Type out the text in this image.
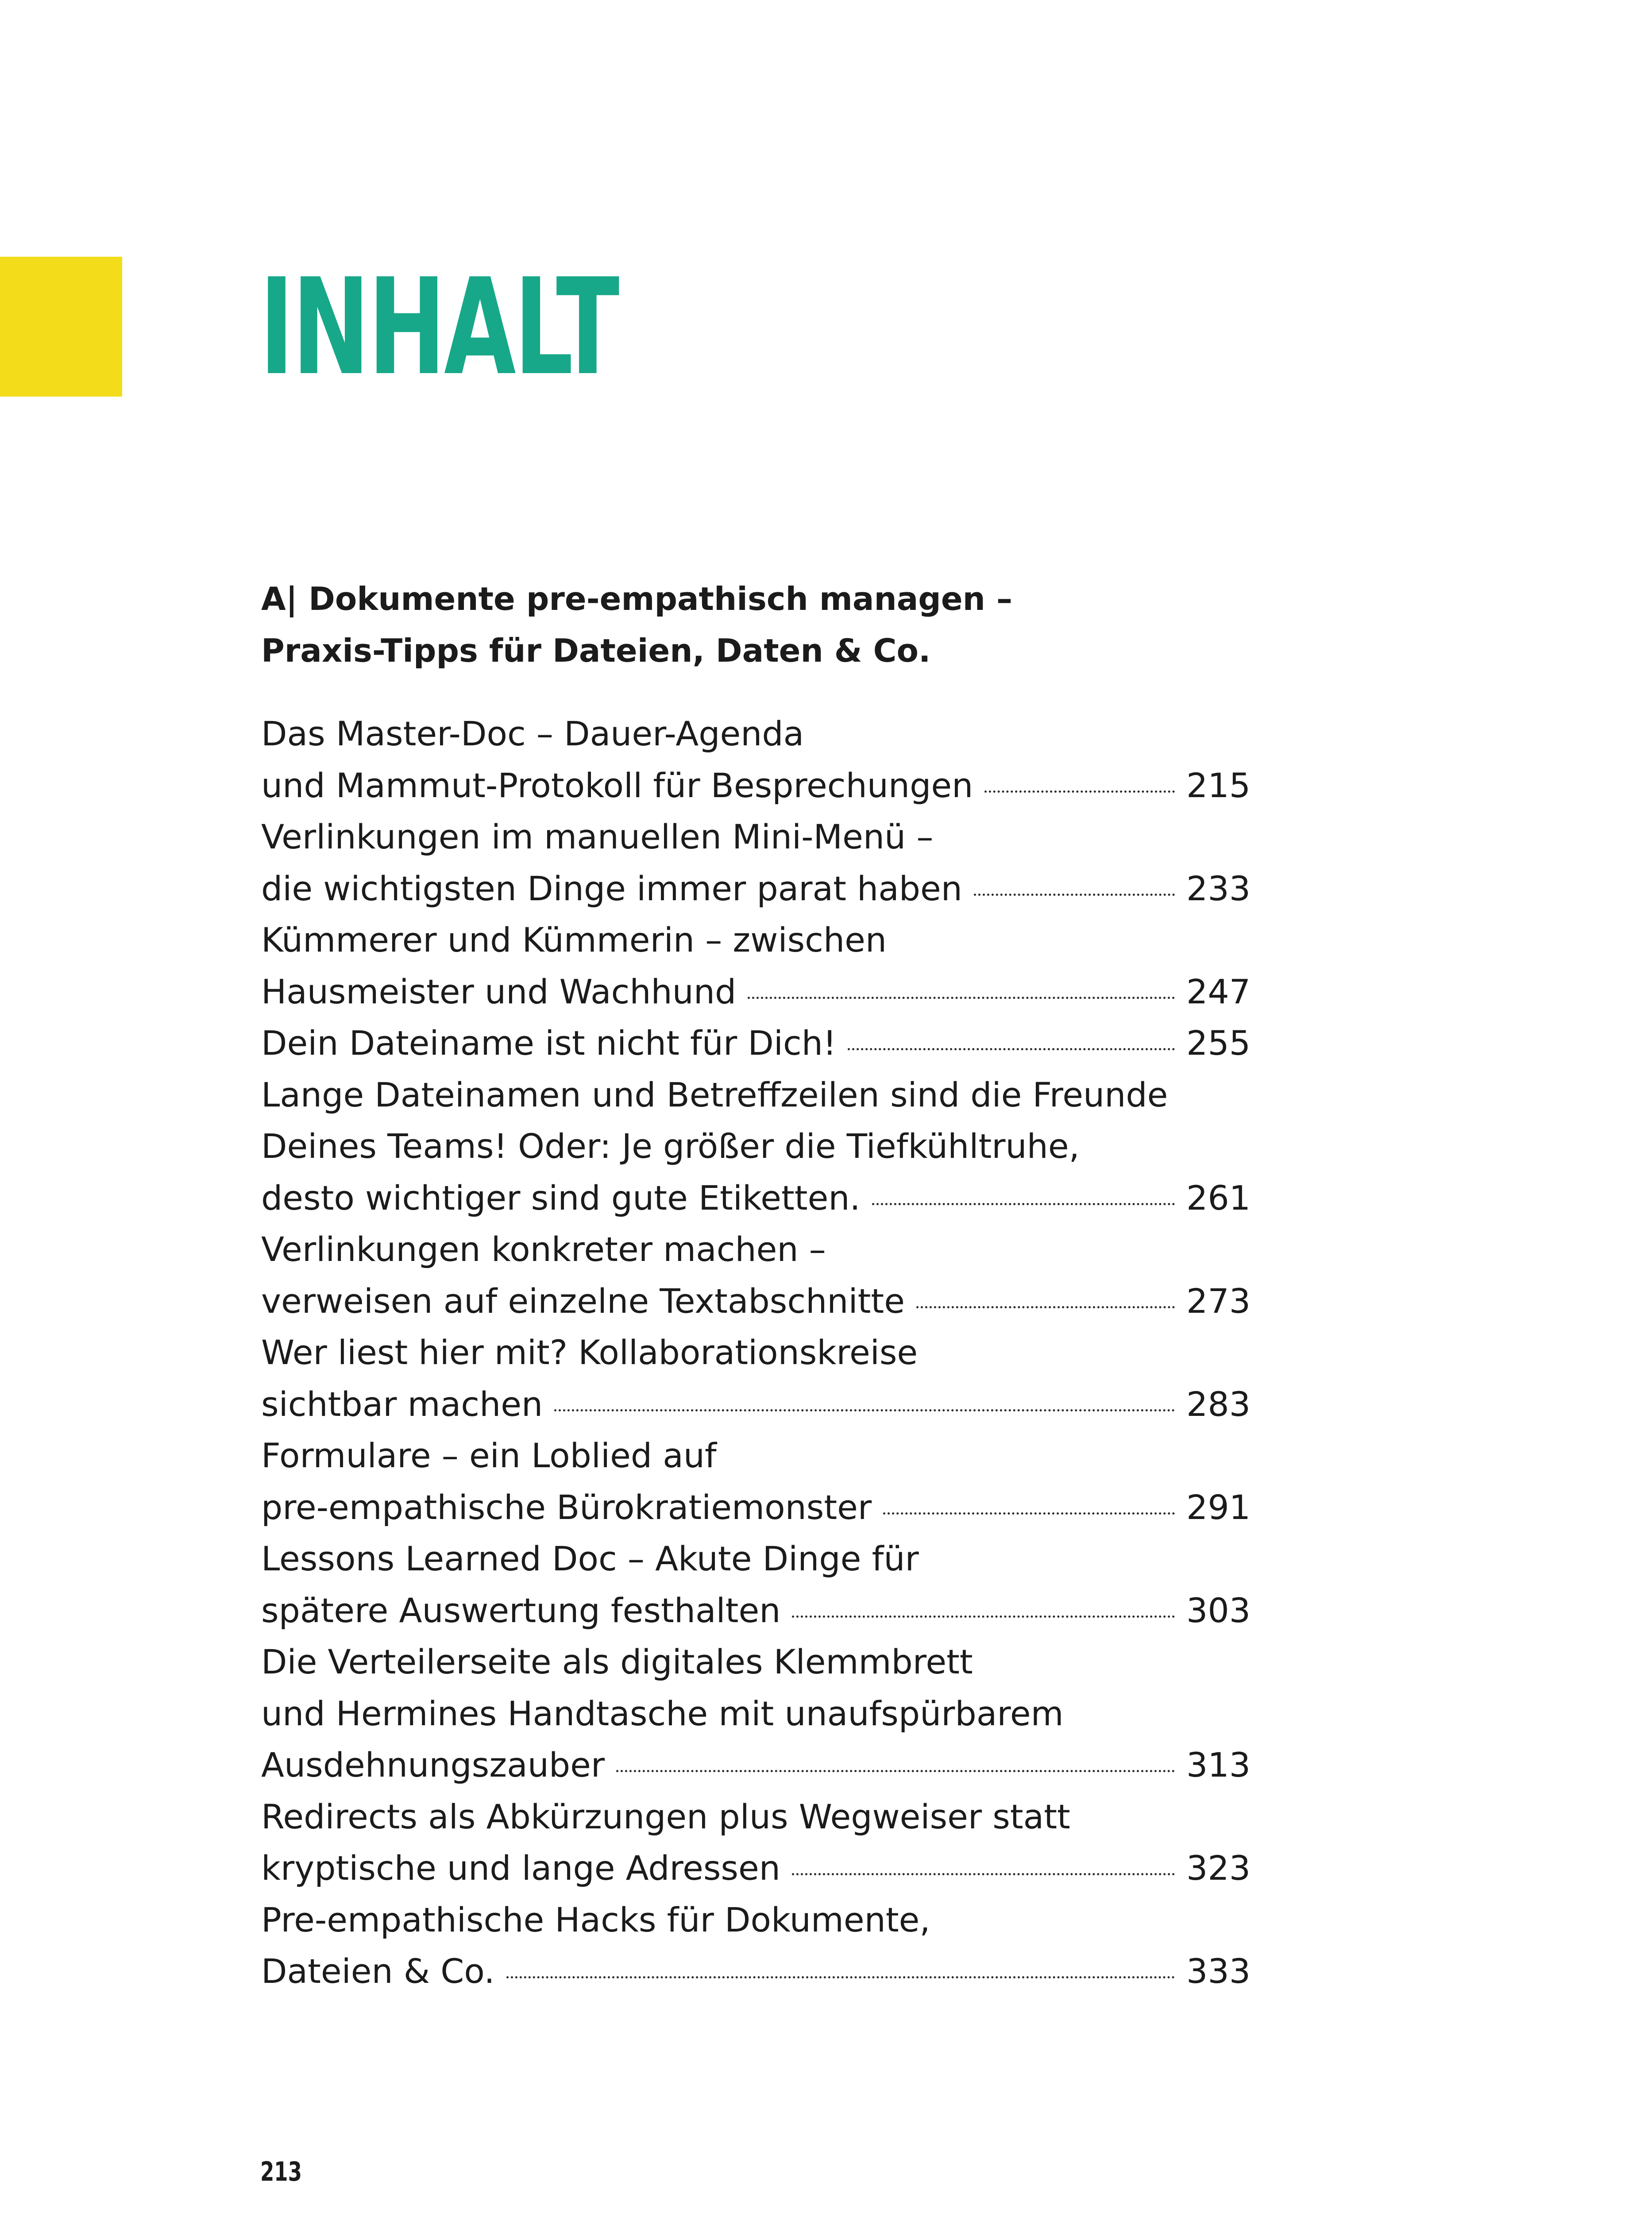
INHALT
A| Dokumente pre-empathisch managen –
Praxis-Tipps für Dateien, Daten & Co.
Das Master-Doc – Dauer-Agenda
und Mammut-Protokoll für Besprechungen	215
Verlinkungen im manuellen Mini-Menü –
die wichtigsten Dinge immer parat haben	233
Kümmerer und Kümmerin – zwischen
Hausmeister und Wachhund	247
Dein Dateiname ist nicht für Dich!	255
Lange Dateinamen und Betreffzeilen sind die Freunde
Deines Teams! Oder: Je größer die Tiefkühltruhe,
desto wichtiger sind gute Etiketten.	261
Verlinkungen konkreter machen –
verweisen auf einzelne Textabschnitte	273
Wer liest hier mit? Kollaborationskreise
sichtbar machen	283
Formulare – ein Loblied auf
pre-empathische Bürokratiemonster	291
Lessons Learned Doc – Akute Dinge für
spätere Auswertung festhalten	303
Die Verteilerseite als digitales Klemmbrett
und Hermines Handtasche mit unaufspürbarem
Ausdehnungszauber	313
Redirects als Abkürzungen plus Wegweiser statt
kryptische und lange Adressen	323
Pre-empathische Hacks für Dokumente,
Dateien & Co.	333
213
